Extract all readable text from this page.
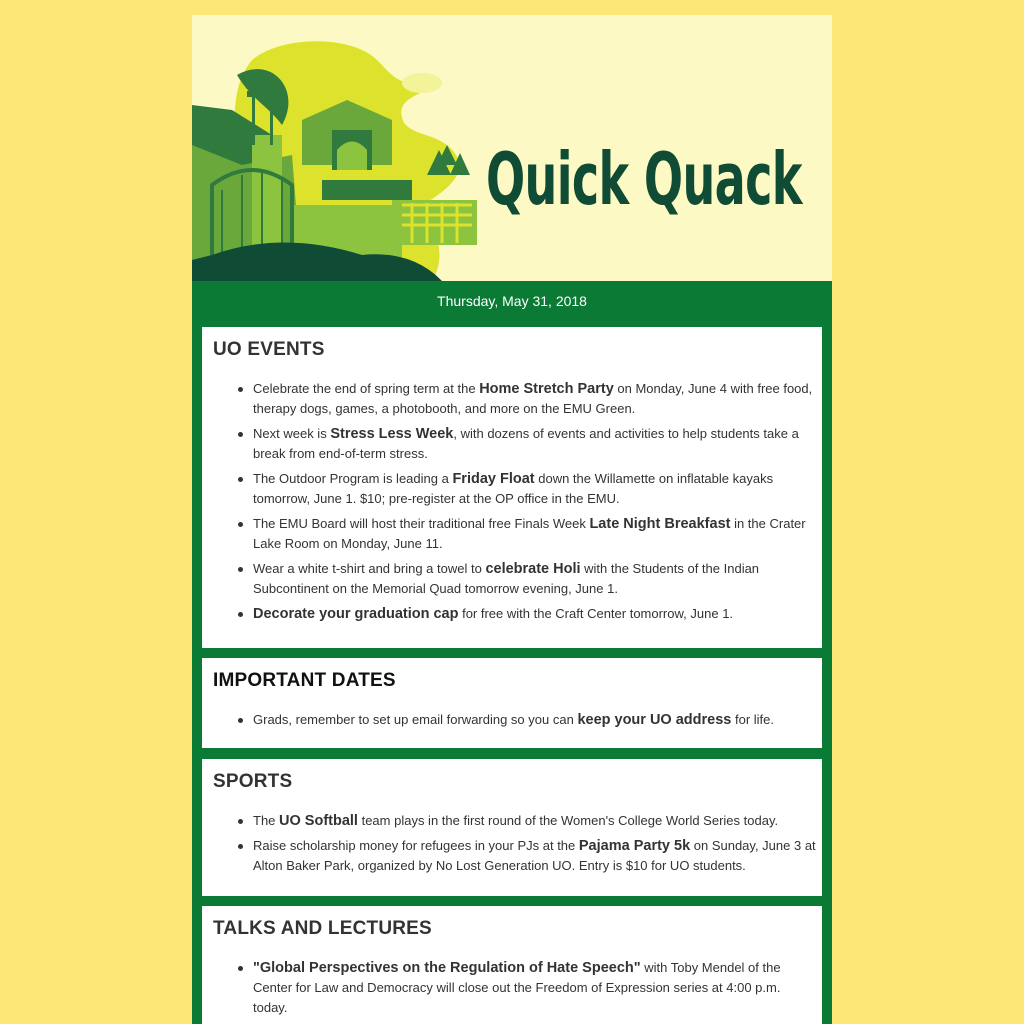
Quick Quack
Thursday, May 31, 2018
UO EVENTS
Celebrate the end of spring term at the Home Stretch Party on Monday, June 4 with free food, therapy dogs, games, a photobooth, and more on the EMU Green.
Next week is Stress Less Week, with dozens of events and activities to help students take a break from end-of-term stress.
The Outdoor Program is leading a Friday Float down the Willamette on inflatable kayaks tomorrow, June 1. $10; pre-register at the OP office in the EMU.
The EMU Board will host their traditional free Finals Week Late Night Breakfast in the Crater Lake Room on Monday, June 11.
Wear a white t-shirt and bring a towel to celebrate Holi with the Students of the Indian Subcontinent on the Memorial Quad tomorrow evening, June 1.
Decorate your graduation cap for free with the Craft Center tomorrow, June 1.
IMPORTANT DATES
Grads, remember to set up email forwarding so you can keep your UO address for life.
SPORTS
The UO Softball team plays in the first round of the Women's College World Series today.
Raise scholarship money for refugees in your PJs at the Pajama Party 5k on Sunday, June 3 at Alton Baker Park, organized by No Lost Generation UO. Entry is $10 for UO students.
TALKS AND LECTURES
"Global Perspectives on the Regulation of Hate Speech" with Toby Mendel of the Center for Law and Democracy will close out the Freedom of Expression series at 4:00 p.m. today.
